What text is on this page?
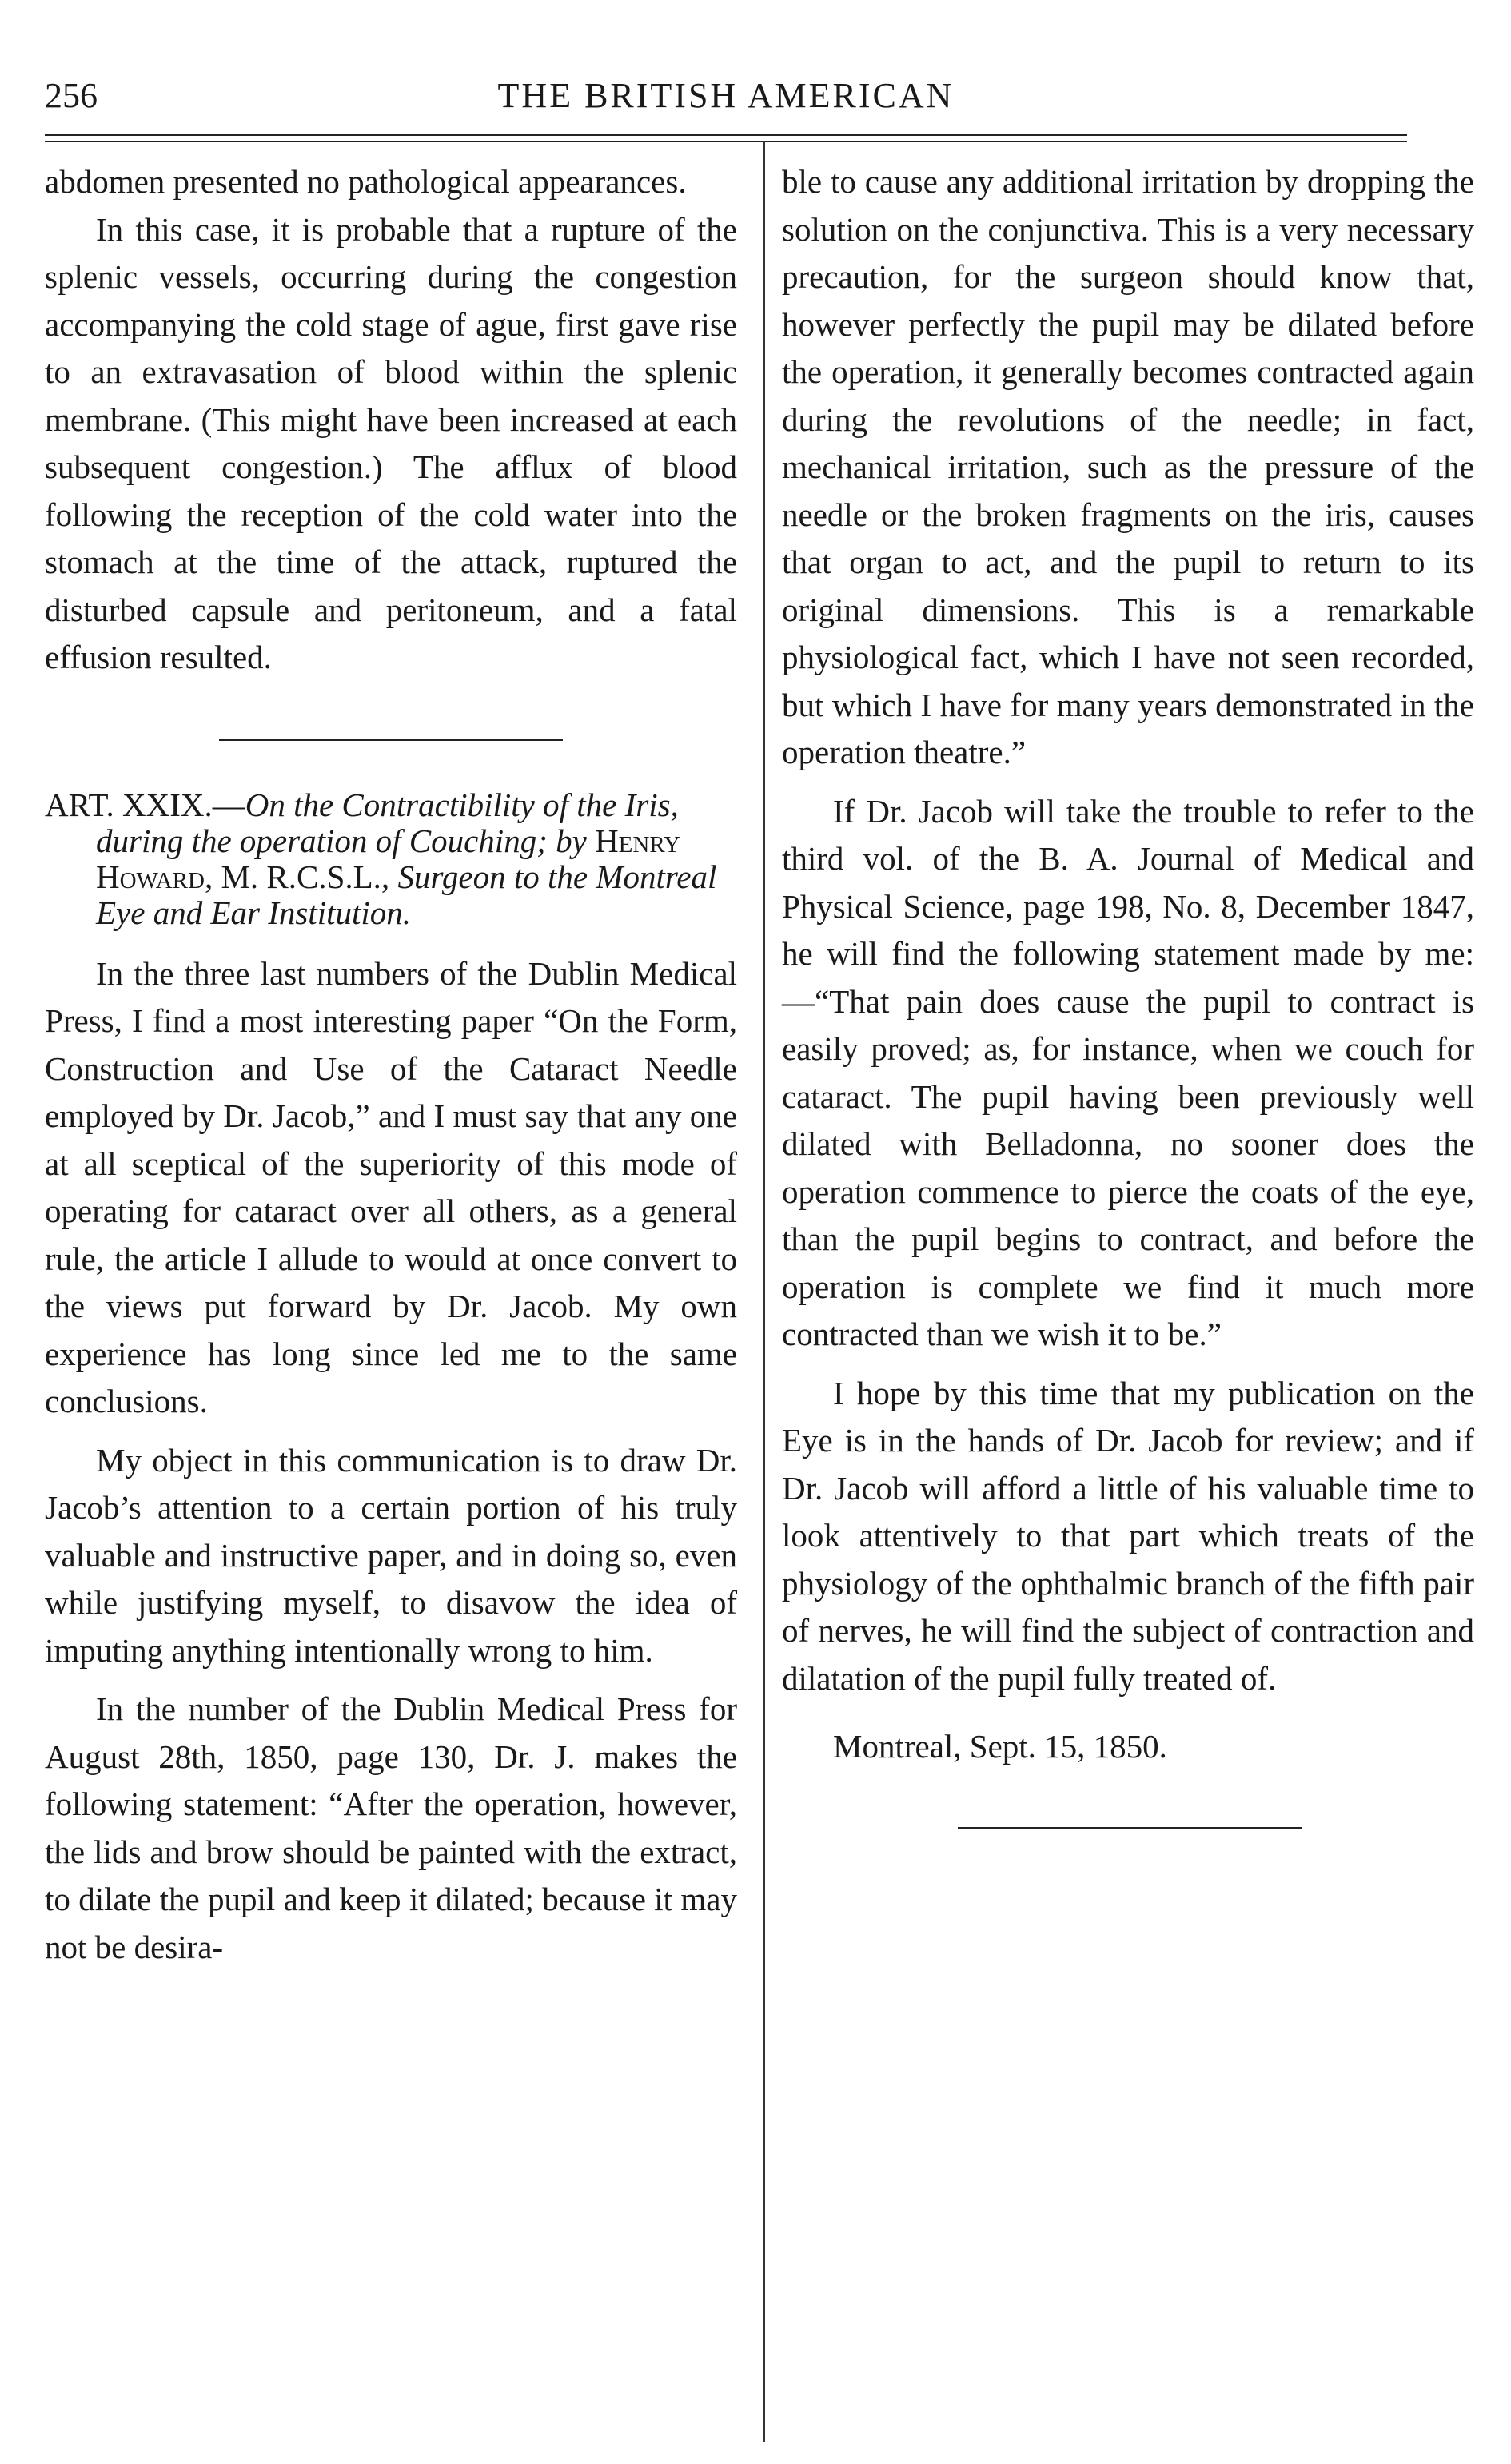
256	THE BRITISH AMERICAN

abdomen presented no pathological appearances.

In this case, it is probable that a rupture of the splenic vessels, occurring during the congestion accompanying the cold stage of ague, first gave rise to an extravasation of blood within the splenic membrane. (This might have been increased at each subsequent congestion.) The afflux of blood following the reception of the cold water into the stomach at the time of the attack, ruptured the disturbed capsule and peritoneum, and a fatal effusion resulted.

ART. XXIX.—On the Contractibility of the Iris, during the operation of Couching; by Henry Howard, M. R.C.S.L., Surgeon to the Montreal Eye and Ear Institution.

In the three last numbers of the Dublin Medical Press, I find a most interesting paper “On the Form, Construction and Use of the Cataract Needle employed by Dr. Jacob,” and I must say that any one at all sceptical of the superiority of this mode of operating for cataract over all others, as a general rule, the article I allude to would at once convert to the views put forward by Dr. Jacob. My own experience has long since led me to the same conclusions.

My object in this communication is to draw Dr. Jacob’s attention to a certain portion of his truly valuable and instructive paper, and in doing so, even while justifying myself, to disavow the idea of imputing anything intentionally wrong to him.

In the number of the Dublin Medical Press for August 28th, 1850, page 130, Dr. J. makes the following statement: “After the operation, however, the lids and brow should be painted with the extract, to dilate the pupil and keep it dilated; because it may not be desira-

ble to cause any additional irritation by dropping the solution on the conjunctiva. This is a very necessary precaution, for the surgeon should know that, however perfectly the pupil may be dilated before the operation, it generally becomes contracted again during the revolutions of the needle; in fact, mechanical irritation, such as the pressure of the needle or the broken fragments on the iris, causes that organ to act, and the pupil to return to its original dimensions. This is a remarkable physiological fact, which I have not seen recorded, but which I have for many years demonstrated in the operation theatre.”

If Dr. Jacob will take the trouble to refer to the third vol. of the B. A. Journal of Medical and Physical Science, page 198, No. 8, December 1847, he will find the following statement made by me:—“That pain does cause the pupil to contract is easily proved; as, for instance, when we couch for cataract. The pupil having been previously well dilated with Belladonna, no sooner does the operation commence to pierce the coats of the eye, than the pupil begins to contract, and before the operation is complete we find it much more contracted than we wish it to be.”

I hope by this time that my publication on the Eye is in the hands of Dr. Jacob for review; and if Dr. Jacob will afford a little of his valuable time to look attentively to that part which treats of the physiology of the ophthalmic branch of the fifth pair of nerves, he will find the subject of contraction and dilatation of the pupil fully treated of.

Montreal, Sept. 15, 1850.
